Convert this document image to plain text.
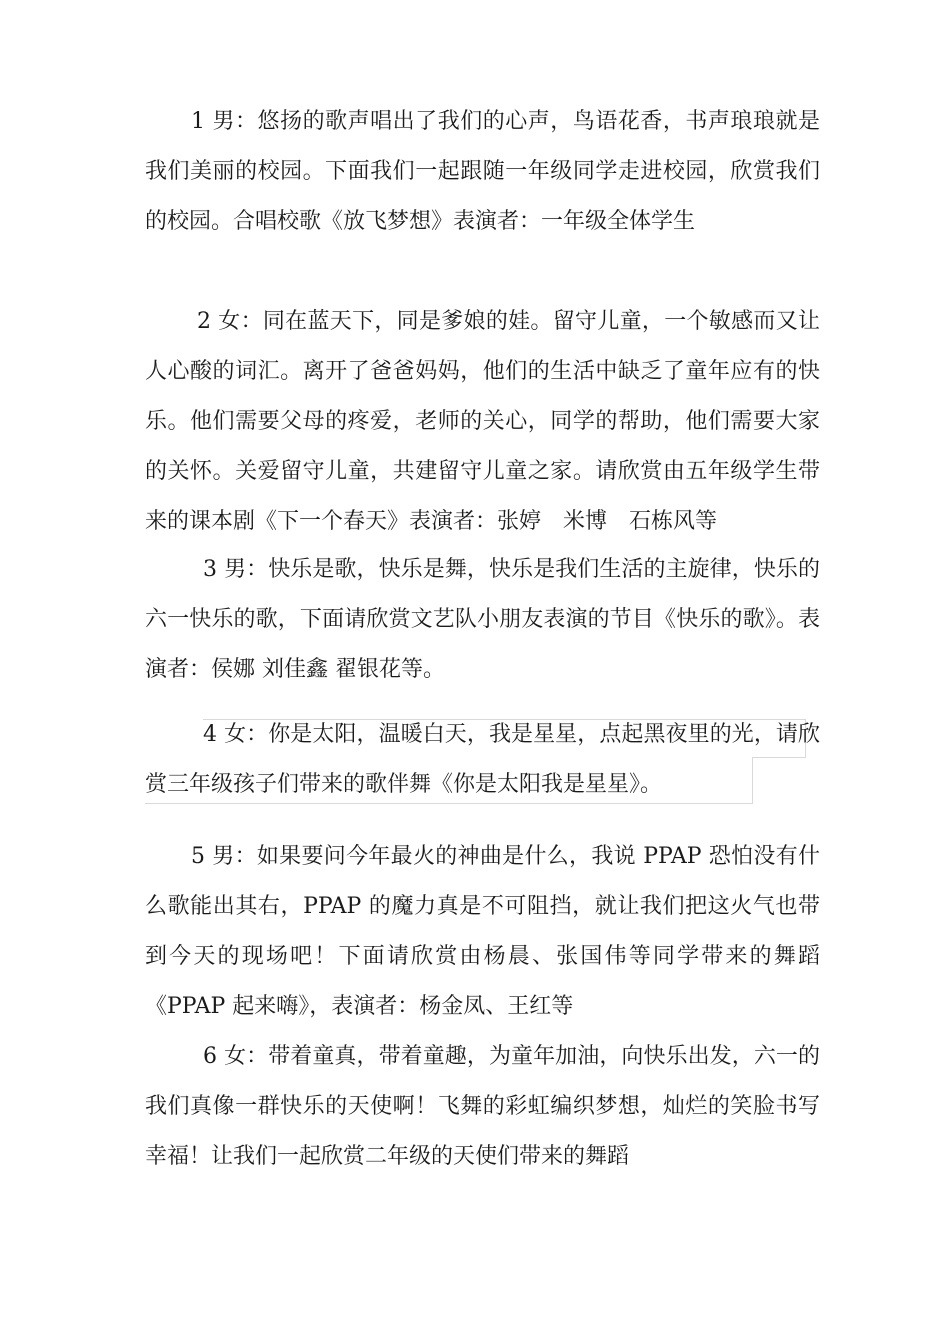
1 男：悠扬的歌声唱出了我们的心声，鸟语花香，书声琅琅就是我们美丽的校园。下面我们一起跟随一年级同学走进校园，欣赏我们的校园。合唱校歌《放飞梦想》表演者：一年级全体学生

2 女：同在蓝天下，同是爹娘的娃。留守儿童，一个敏感而又让人心酸的词汇。离开了爸爸妈妈，他们的生活中缺乏了童年应有的快乐。他们需要父母的疼爱，老师的关心，同学的帮助，他们需要大家的关怀。关爱留守儿童，共建留守儿童之家。请欣赏由五年级学生带来的课本剧《下一个春天》表演者：张婷　米博　石栋风等

3 男：快乐是歌，快乐是舞，快乐是我们生活的主旋律，快乐的六一快乐的歌，下面请欣赏文艺队小朋友表演的节目《快乐的歌》。表演者：侯娜 刘佳鑫 翟银花等。

4 女：你是太阳，温暖白天，我是星星，点起黑夜里的光，请欣赏三年级孩子们带来的歌伴舞《你是太阳我是星星》。

5 男：如果要问今年最火的神曲是什么，我说 PPAP 恐怕没有什么歌能出其右，PPAP 的魔力真是不可阻挡，就让我们把这火气也带到今天的现场吧！下面请欣赏由杨晨、张国伟等同学带来的舞蹈《PPAP 起来嗨》，表演者：杨金凤、王红等

6 女：带着童真，带着童趣，为童年加油，向快乐出发，六一的我们真像一群快乐的天使啊！飞舞的彩虹编织梦想，灿烂的笑脸书写幸福！让我们一起欣赏二年级的天使们带来的舞蹈
